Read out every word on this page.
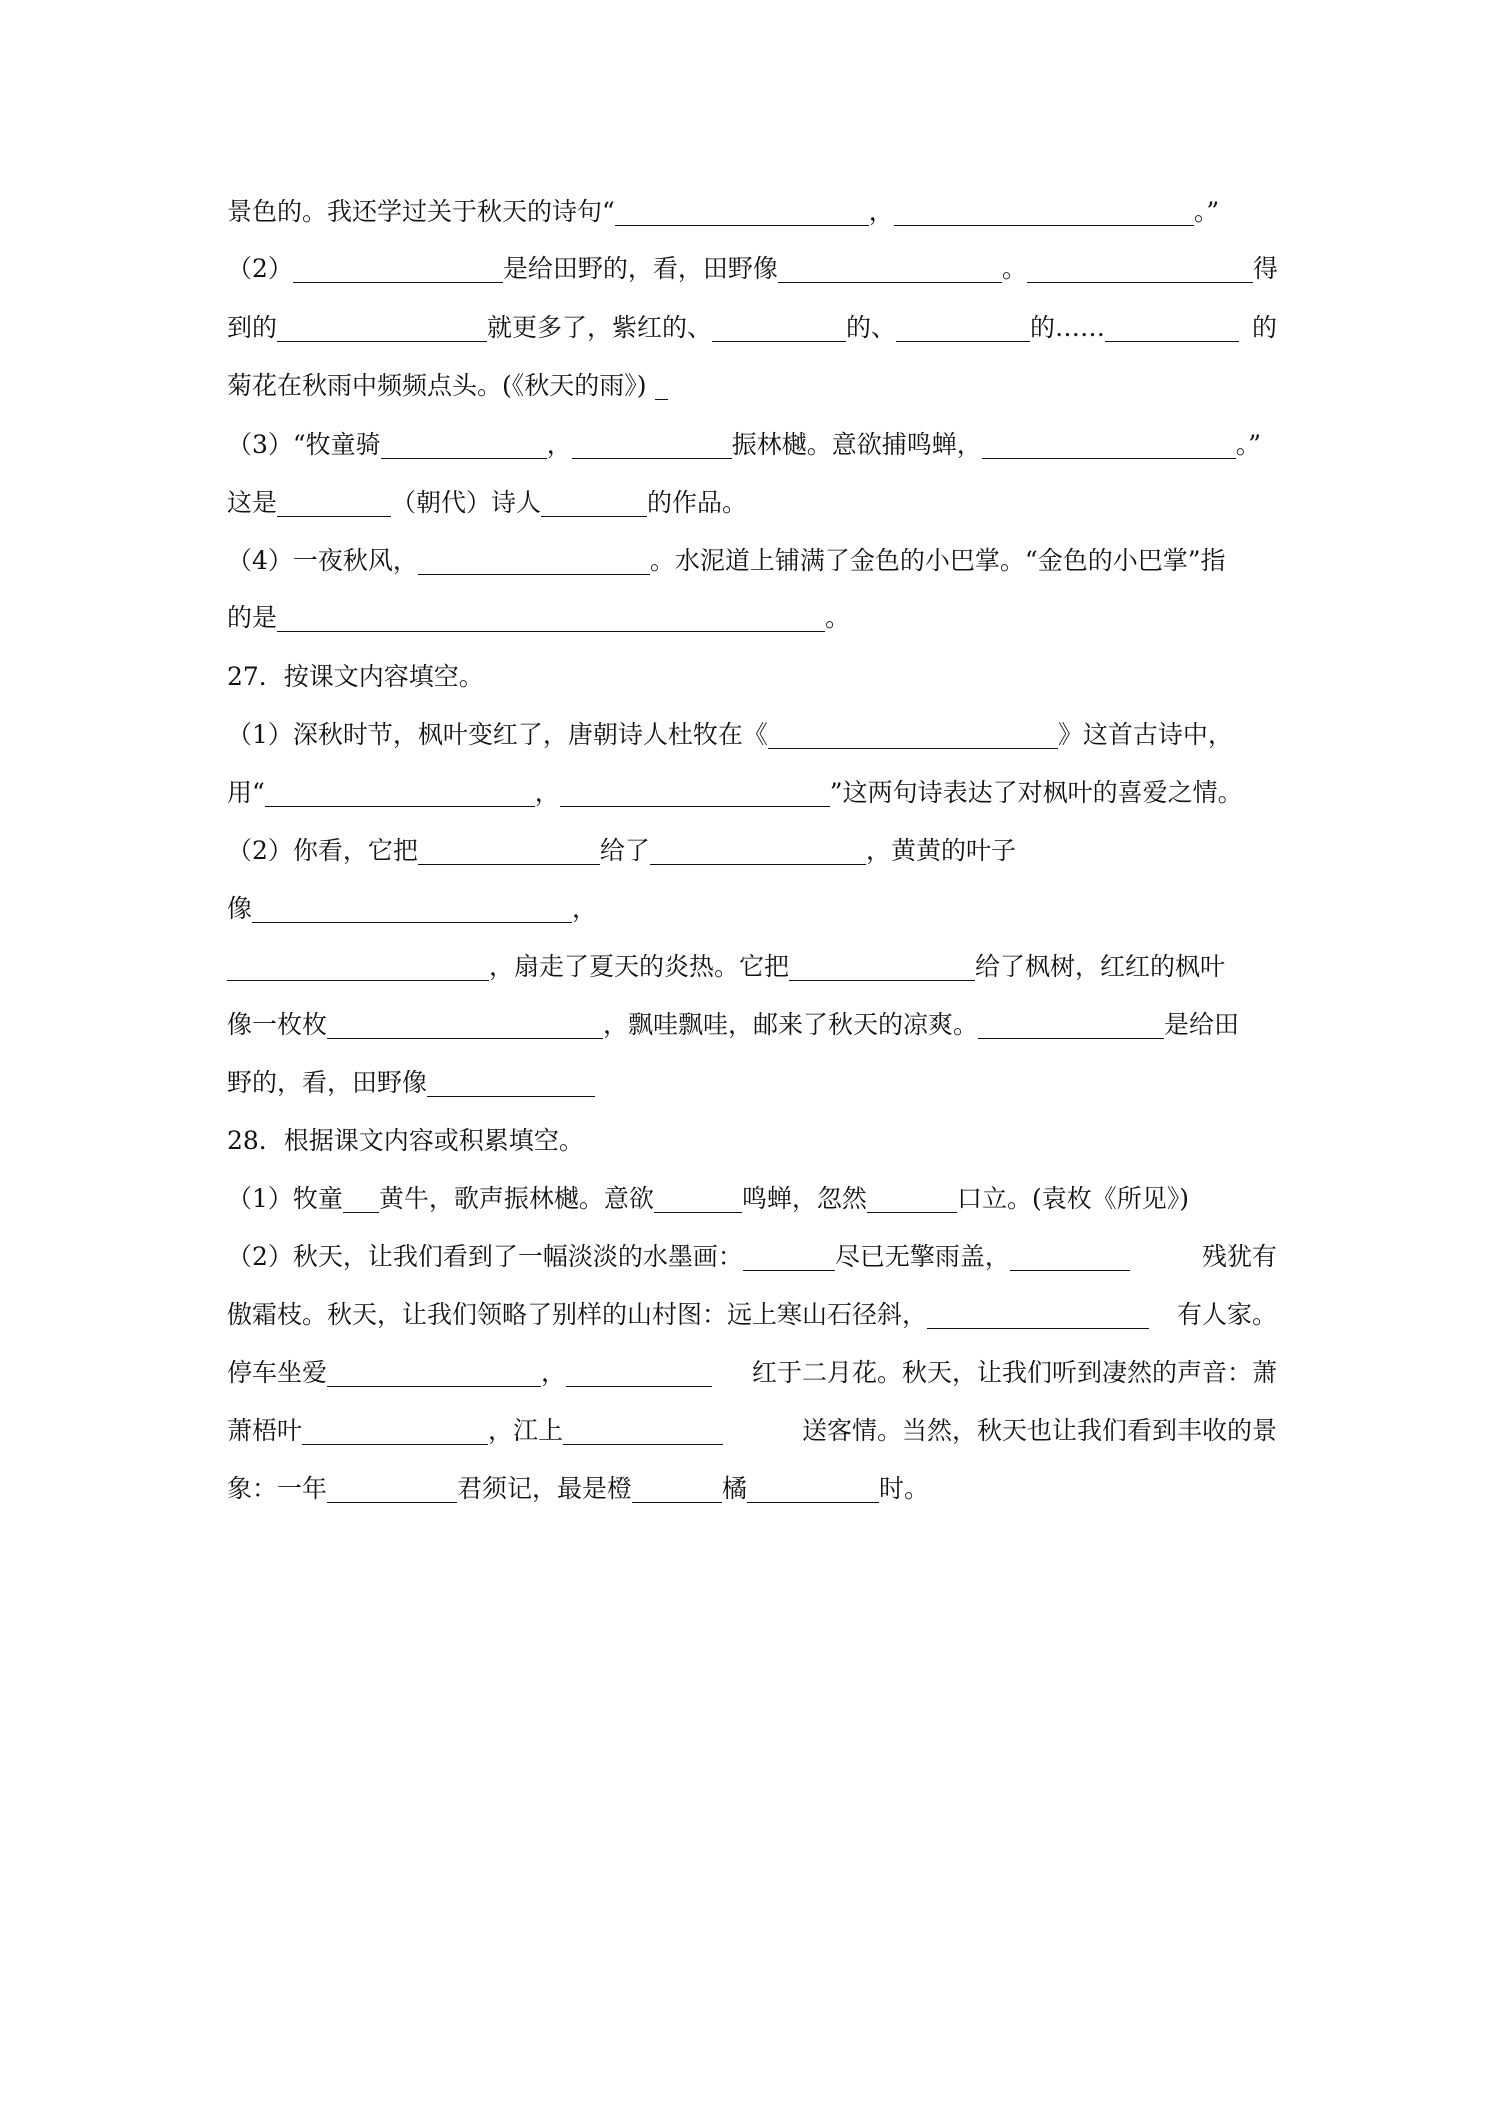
景色的。我还学过关于秋天的诗句“	，	。”
（2）	是给田野的，看，田野像	。	得
到的	就更多了，紫红的、	的、	的……	的
菊花在秋雨中频频点头。(《秋天的雨》)
（3）“牧童骑	，	振林樾。意欲捕鸣蝉，	。”
这是	（朝代）诗人	的作品。
（4）一夜秋风，	。水泥道上铺满了金色的小巴掌。“金色的小巴掌”指
的是	。
27．按课文内容填空。
（1）深秋时节，枫叶变红了，唐朝诗人杜牧在《	》这首古诗中，
用“	，	”这两句诗表达了对枫叶的喜爱之情。
（2）你看，它把	给了	，黄黄的叶子
像	，
，扇走了夏天的炎热。它把	给了枫树，红红的枫叶
像一枚枚	，飘哇飘哇，邮来了秋天的凉爽。	是给田
野的，看，田野像
28．根据课文内容或积累填空。
（1）牧童 黄牛，歌声振林樾。意欲	鸣蝉，忽然	口立。(袁枚《所见》)
（2）秋天，让我们看到了一幅淡淡的水墨画：	尽已无擎雨盖，	残犹有
傲霜枝。秋天，让我们领略了别样的山村图：远上寒山石径斜，	有人家。
停车坐爱	，	红于二月花。秋天，让我们听到凄然的声音：萧
萧梧叶	，江上	送客情。当然，秋天也让我们看到丰收的景
象：一年	君须记，最是橙	橘	时。
